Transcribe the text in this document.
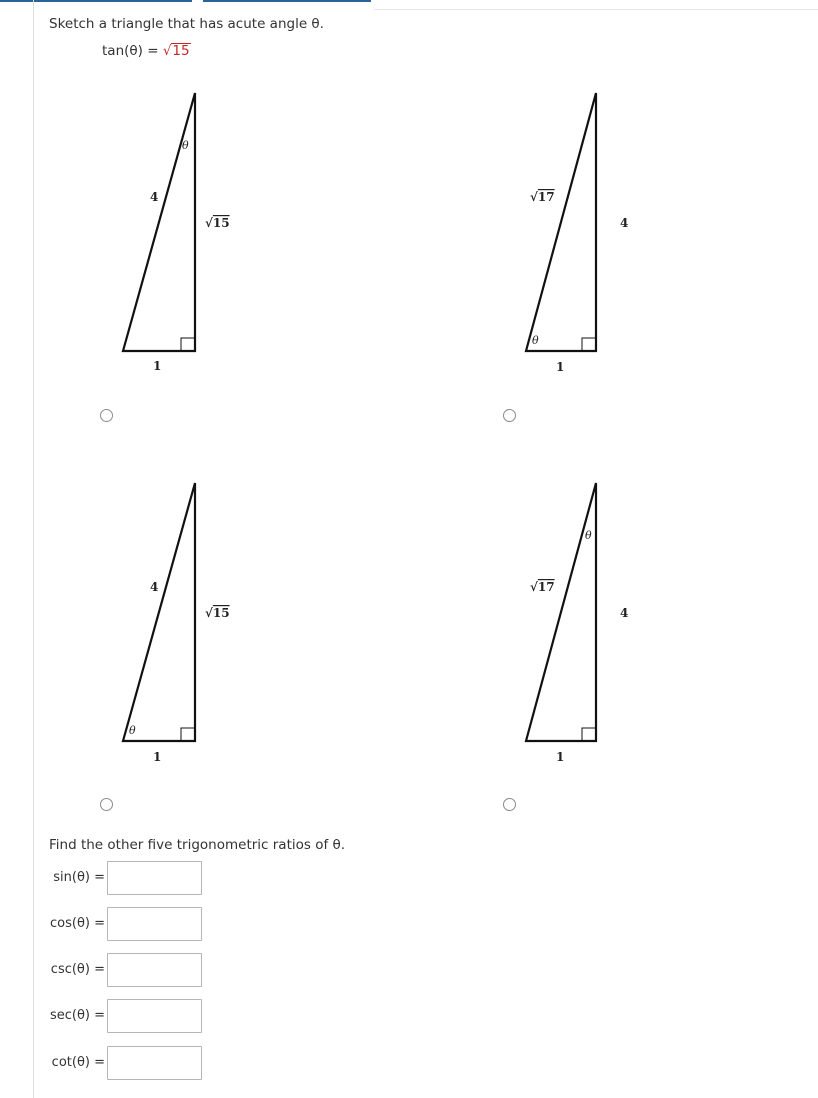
Sketch a triangle that has acute angle θ.
tan(θ) = √15
θ
4
√15
1
√17
4
θ
1
4
√15
θ
1
θ
√17
4
1
Find the other five trigonometric ratios of θ.
sin(θ) =
cos(θ) =
csc(θ) =
sec(θ) =
cot(θ) =
